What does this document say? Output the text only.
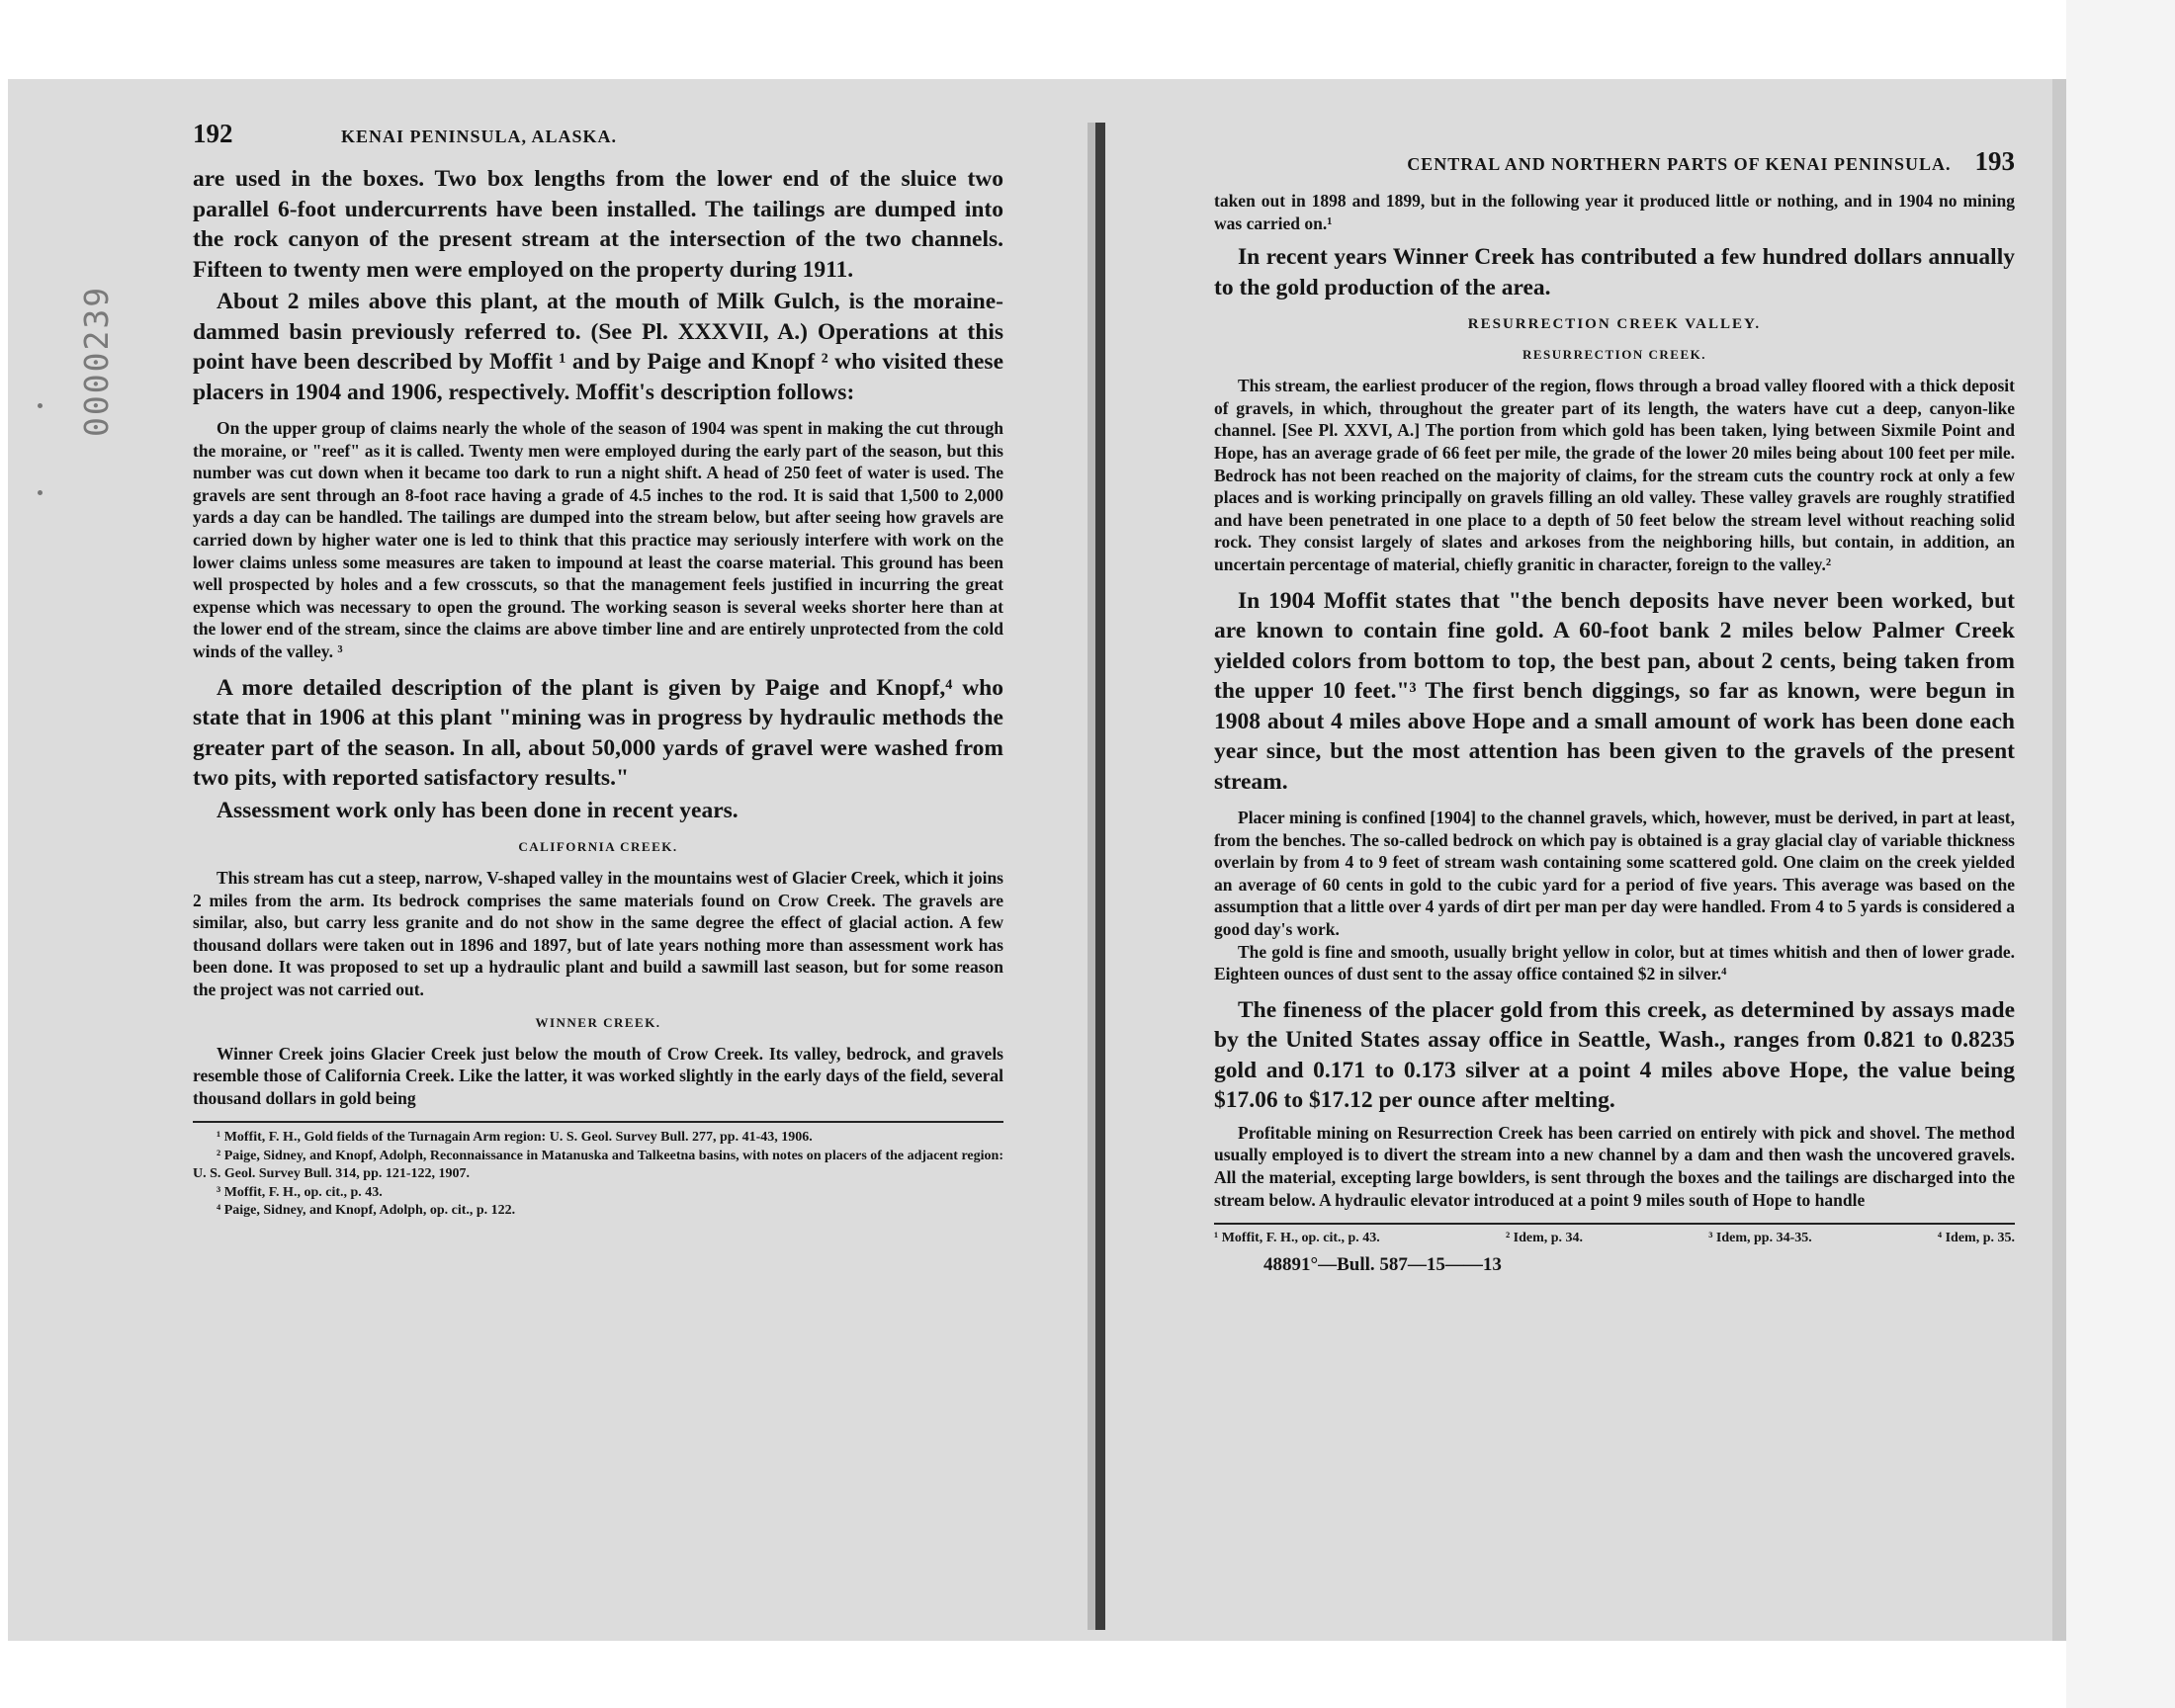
0000239
192	KENAI PENINSULA, ALASKA.

are used in the boxes. Two box lengths from the lower end of the sluice two parallel 6-foot undercurrents have been installed. The tailings are dumped into the rock canyon of the present stream at the intersection of the two channels. Fifteen to twenty men were employed on the property during 1911.

About 2 miles above this plant, at the mouth of Milk Gulch, is the moraine-dammed basin previously referred to. (See Pl. XXXVII, A.) Operations at this point have been described by Moffit ¹ and by Paige and Knopf ² who visited these placers in 1904 and 1906, respectively. Moffit's description follows:

On the upper group of claims nearly the whole of the season of 1904 was spent in making the cut through the moraine, or "reef" as it is called. Twenty men were employed during the early part of the season, but this number was cut down when it became too dark to run a night shift. A head of 250 feet of water is used. The gravels are sent through an 8-foot race having a grade of 4.5 inches to the rod. It is said that 1,500 to 2,000 yards a day can be handled. The tailings are dumped into the stream below, but after seeing how gravels are carried down by higher water one is led to think that this practice may seriously interfere with work on the lower claims unless some measures are taken to impound at least the coarse material. This ground has been well prospected by holes and a few crosscuts, so that the management feels justified in incurring the great expense which was necessary to open the ground. The working season is several weeks shorter here than at the lower end of the stream, since the claims are above timber line and are entirely unprotected from the cold winds of the valley. ³

A more detailed description of the plant is given by Paige and Knopf,⁴ who state that in 1906 at this plant "mining was in progress by hydraulic methods the greater part of the season. In all, about 50,000 yards of gravel were washed from two pits, with reported satisfactory results."

Assessment work only has been done in recent years.

CALIFORNIA CREEK.

This stream has cut a steep, narrow, V-shaped valley in the mountains west of Glacier Creek, which it joins 2 miles from the arm. Its bedrock comprises the same materials found on Crow Creek. The gravels are similar, also, but carry less granite and do not show in the same degree the effect of glacial action. A few thousand dollars were taken out in 1896 and 1897, but of late years nothing more than assessment work has been done. It was proposed to set up a hydraulic plant and build a sawmill last season, but for some reason the project was not carried out.

WINNER CREEK.

Winner Creek joins Glacier Creek just below the mouth of Crow Creek. Its valley, bedrock, and gravels resemble those of California Creek. Like the latter, it was worked slightly in the early days of the field, several thousand dollars in gold being

¹ Moffit, F. H., Gold fields of the Turnagain Arm region: U. S. Geol. Survey Bull. 277, pp. 41-43, 1906.

² Paige, Sidney, and Knopf, Adolph, Reconnaissance in Matanuska and Talkeetna basins, with notes on placers of the adjacent region: U. S. Geol. Survey Bull. 314, pp. 121-122, 1907.

³ Moffit, F. H., op. cit., p. 43.

⁴ Paige, Sidney, and Knopf, Adolph, op. cit., p. 122.

CENTRAL AND NORTHERN PARTS OF KENAI PENINSULA. 193

taken out in 1898 and 1899, but in the following year it produced little or nothing, and in 1904 no mining was carried on.¹

In recent years Winner Creek has contributed a few hundred dollars annually to the gold production of the area.

RESURRECTION CREEK VALLEY.
RESURRECTION CREEK.

This stream, the earliest producer of the region, flows through a broad valley floored with a thick deposit of gravels, in which, throughout the greater part of its length, the waters have cut a deep, canyon-like channel. [See Pl. XXVI, A.] The portion from which gold has been taken, lying between Sixmile Point and Hope, has an average grade of 66 feet per mile, the grade of the lower 20 miles being about 100 feet per mile. Bedrock has not been reached on the majority of claims, for the stream cuts the country rock at only a few places and is working principally on gravels filling an old valley. These valley gravels are roughly stratified and have been penetrated in one place to a depth of 50 feet below the stream level without reaching solid rock. They consist largely of slates and arkoses from the neighboring hills, but contain, in addition, an uncertain percentage of material, chiefly granitic in character, foreign to the valley.²

In 1904 Moffit states that "the bench deposits have never been worked, but are known to contain fine gold. A 60-foot bank 2 miles below Palmer Creek yielded colors from bottom to top, the best pan, about 2 cents, being taken from the upper 10 feet."³ The first bench diggings, so far as known, were begun in 1908 about 4 miles above Hope and a small amount of work has been done each year since, but the most attention has been given to the gravels of the present stream.

Placer mining is confined [1904] to the channel gravels, which, however, must be derived, in part at least, from the benches. The so-called bedrock on which pay is obtained is a gray glacial clay of variable thickness overlain by from 4 to 9 feet of stream wash containing some scattered gold. One claim on the creek yielded an average of 60 cents in gold to the cubic yard for a period of five years. This average was based on the assumption that a little over 4 yards of dirt per man per day were handled. From 4 to 5 yards is considered a good day's work.

The gold is fine and smooth, usually bright yellow in color, but at times whitish and then of lower grade. Eighteen ounces of dust sent to the assay office contained $2 in silver.⁴

The fineness of the placer gold from this creek, as determined by assays made by the United States assay office in Seattle, Wash., ranges from 0.821 to 0.8235 gold and 0.171 to 0.173 silver at a point 4 miles above Hope, the value being $17.06 to $17.12 per ounce after melting.

Profitable mining on Resurrection Creek has been carried on entirely with pick and shovel. The method usually employed is to divert the stream into a new channel by a dam and then wash the uncovered gravels. All the material, excepting large bowlders, is sent through the boxes and the tailings are discharged into the stream below. A hydraulic elevator introduced at a point 9 miles south of Hope to handle

¹ Moffit, F. H., op. cit., p. 43.	² Idem, p. 34.	³ Idem, pp. 34-35.	⁴ Idem, p. 35.
48891°—Bull. 587—15——13
